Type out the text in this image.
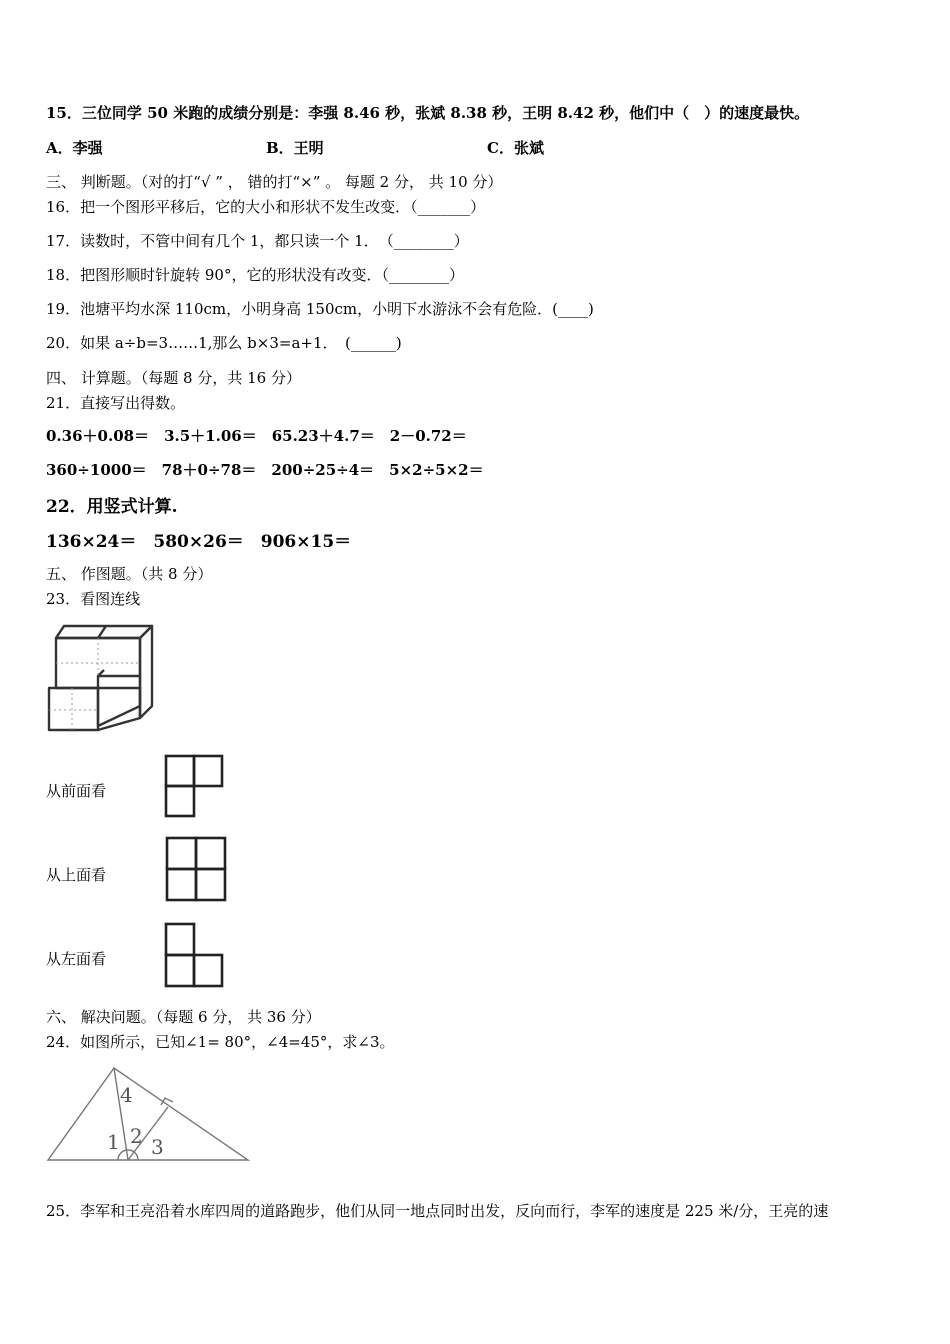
15．三位同学 50 米跑的成绩分别是：李强 8.46 秒，张斌 8.38 秒，王明 8.42 秒，他们中（　）的速度最快。
A．李强	B．王明	C．张斌
三、 判断题。（对的打“√ ” ， 错的打“×” 。 每题 2 分， 共 10 分）
16．把一个图形平移后，它的大小和形状不发生改变．（_______）
17．读数时，不管中间有几个 1，都只读一个 1．　（________）
18．把图形顺时针旋转 90°，它的形状没有改变．（________）
19．池塘平均水深 110cm，小明身高 150cm，小明下水游泳不会有危险．(____)
20．如果 a÷b=3……1,那么 b×3=a+1．　(______)
四、 计算题。（每题 8 分，共 16 分）
21．直接写出得数。
0.36＋0.08＝　3.5＋1.06＝　65.23＋4.7＝　2－0.72＝
360÷1000＝　78＋0÷78＝　200÷25÷4＝　5×2÷5×2＝
22．用竖式计算.
136×24＝　580×26＝　906×15＝
五、 作图题。（共 8 分）
23．看图连线
从前面看
从上面看
从左面看
六、 解决问题。（每题 6 分， 共 36 分）
24．如图所示，已知∠1= 80°，∠4=45°，求∠3。
4
1 2 3
25．李军和王亮沿着水库四周的道路跑步，他们从同一地点同时出发，反向而行，李军的速度是 225 米/分，王亮的速
